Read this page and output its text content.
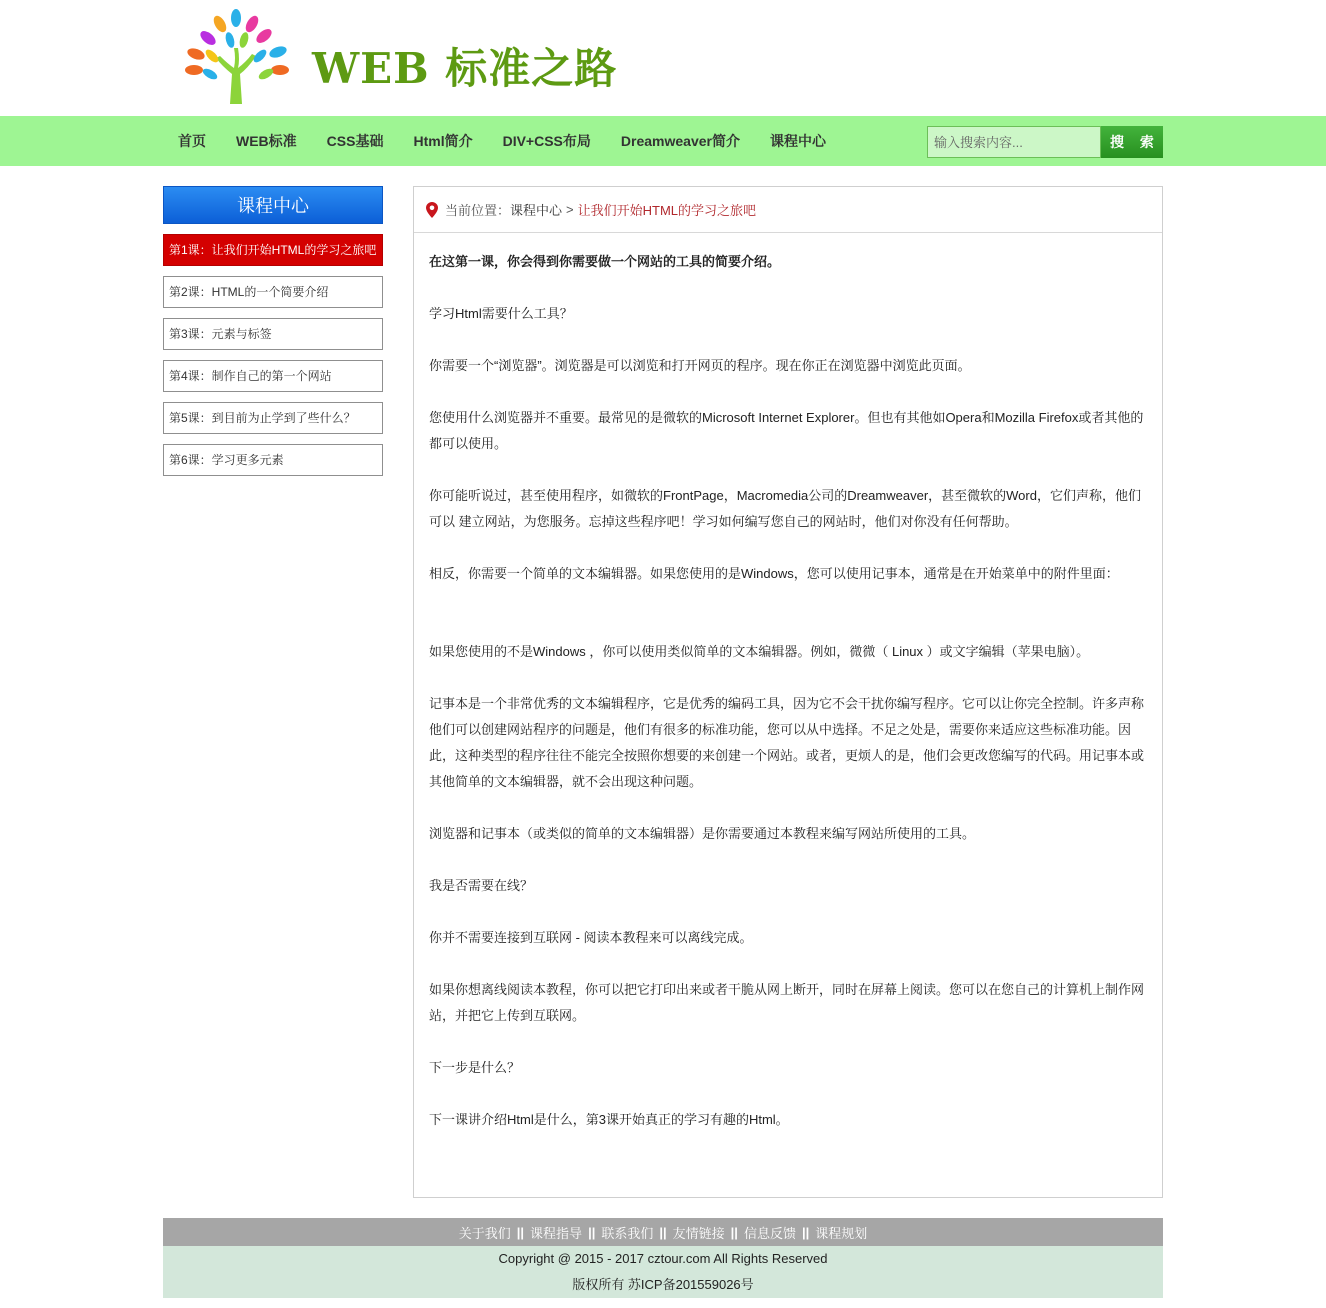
WEB 标准之路
首页	WEB标准	CSS基础	Html简介	DIV+CSS布局	Dreamweaver简介	课程中心
输入搜索内容...	搜 索
课程中心
第1课：让我们开始HTML的学习之旅吧
第2课：HTML的一个简要介绍
第3课：元素与标签
第4课：制作自己的第一个网站
第5课：到目前为止学到了些什么？
第6课：学习更多元素
当前位置： 课程中心 > 让我们开始HTML的学习之旅吧

在这第一课，你会得到你需要做一个网站的工具的简要介绍。

学习Html需要什么工具？

你需要一个“浏览器”。浏览器是可以浏览和打开网页的程序。现在你正在浏览器中浏览此页面。

您使用什么浏览器并不重要。最常见的是微软的Microsoft Internet Explorer。但也有其他如Opera和Mozilla Firefox或者其他的都可以使用。

你可能听说过，甚至使用程序，如微软的FrontPage，Macromedia公司的Dreamweaver，甚至微软的Word，它们声称，他们可以 建立网站，为您服务。忘掉这些程序吧！学习如何编写您自己的网站时，他们对你没有任何帮助。

相反，你需要一个简单的文本编辑器。如果您使用的是Windows，您可以使用记事本，通常是在开始菜单中的附件里面：

如果您使用的不是Windows ，你可以使用类似简单的文本编辑器。例如，微微（ Linux ）或文字编辑（苹果电脑）。

记事本是一个非常优秀的文本编辑程序，它是优秀的编码工具，因为它不会干扰你编写程序。它可以让你完全控制。许多声称他们可以创建网站程序的问题是，他们有很多的标准功能，您可以从中选择。不足之处是，需要你来适应这些标准功能。因此，这种类型的程序往往不能完全按照你想要的来创建一个网站。或者，更烦人的是，他们会更改您编写的代码。用记事本或其他简单的文本编辑器，就不会出现这种问题。

浏览器和记事本（或类似的简单的文本编辑器）是你需要通过本教程来编写网站所使用的工具。

我是否需要在线？

你并不需要连接到互联网 - 阅读本教程来可以离线完成。

如果你想离线阅读本教程，你可以把它打印出来或者干脆从网上断开，同时在屏幕上阅读。您可以在您自己的计算机上制作网站，并把它上传到互联网。

下一步是什么？

下一课讲介绍Html是什么，第3课开始真正的学习有趣的Html。

关于我们 || 课程指导 || 联系我们 || 友情链接 || 信息反馈 || 课程规划
Copyright @ 2015 - 2017 cztour.com All Rights Reserved
版权所有 苏ICP备201559026号
